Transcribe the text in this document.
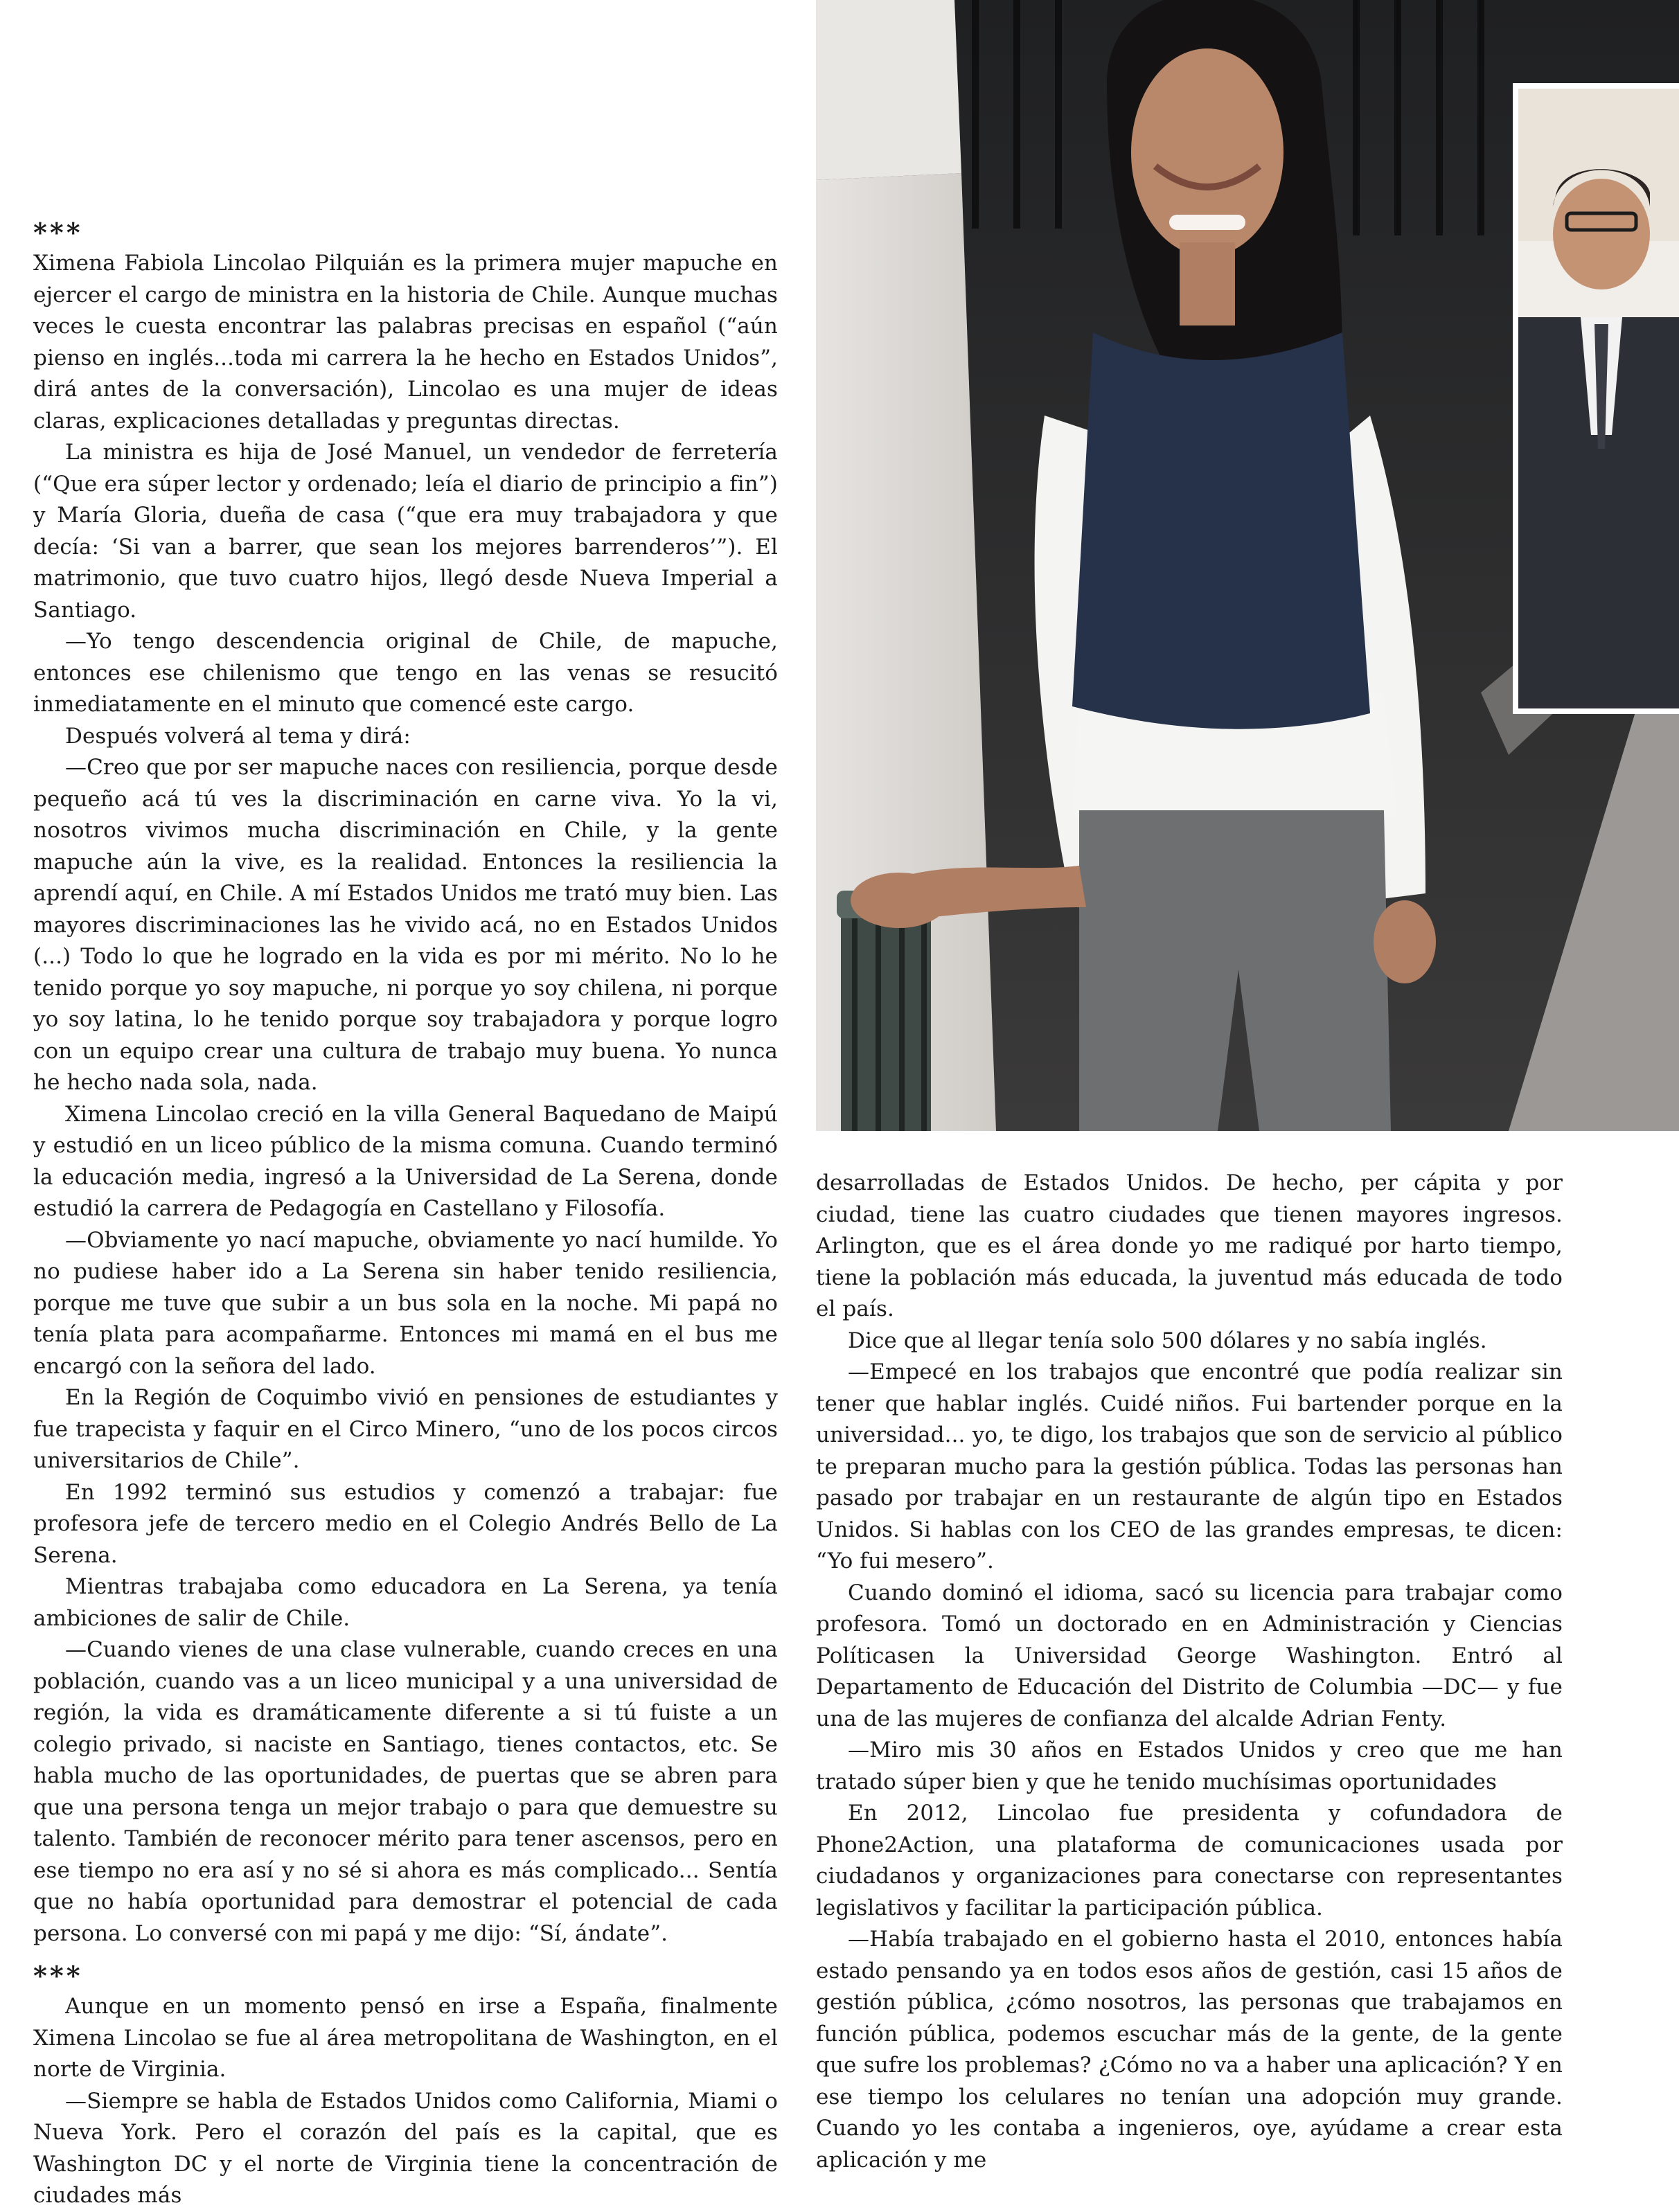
***

Ximena Fabiola Lincolao Pilquián es la primera mujer mapuche en ejercer el cargo de ministra en la historia de Chile. Aunque muchas veces le cuesta encontrar las palabras precisas en español (“aún pienso en inglés...toda mi carrera la he hecho en Estados Unidos”, dirá antes de la conversación), Lincolao es una mujer de ideas claras, explicaciones detalladas y preguntas directas.

La ministra es hija de José Manuel, un vendedor de ferretería (“Que era súper lector y ordenado; leía el diario de principio a fin”) y María Gloria, dueña de casa (“que era muy trabajadora y que decía: ‘Si van a barrer, que sean los mejores barrenderos’”). El matrimonio, que tuvo cuatro hijos, llegó desde Nueva Imperial a Santiago.

—Yo tengo descendencia original de Chile, de mapuche, entonces ese chilenismo que tengo en las venas se resucitó inmediatamente en el minuto que comencé este cargo.

Después volverá al tema y dirá:

—Creo que por ser mapuche naces con resiliencia, porque desde pequeño acá tú ves la discriminación en carne viva. Yo la vi, nosotros vivimos mucha discriminación en Chile, y la gente mapuche aún la vive, es la realidad. Entonces la resiliencia la aprendí aquí, en Chile. A mí Estados Unidos me trató muy bien. Las mayores discriminaciones las he vivido acá, no en Estados Unidos (...) Todo lo que he logrado en la vida es por mi mérito. No lo he tenido porque yo soy mapuche, ni porque yo soy chilena, ni porque yo soy latina, lo he tenido porque soy trabajadora y porque logro con un equipo crear una cultura de trabajo muy buena. Yo nunca he hecho nada sola, nada.

Ximena Lincolao creció en la villa General Baquedano de Maipú y estudió en un liceo público de la misma comuna. Cuando terminó la educación media, ingresó a la Universidad de La Serena, donde estudió la carrera de Pedagogía en Castellano y Filosofía.

—Obviamente yo nací mapuche, obviamente yo nací humilde. Yo no pudiese haber ido a La Serena sin haber tenido resiliencia, porque me tuve que subir a un bus sola en la noche. Mi papá no tenía plata para acompañarme. Entonces mi mamá en el bus me encargó con la señora del lado.

En la Región de Coquimbo vivió en pensiones de estudiantes y fue trapecista y faquir en el Circo Minero, “uno de los pocos circos universitarios de Chile”.

En 1992 terminó sus estudios y comenzó a trabajar: fue profesora jefe de tercero medio en el Colegio Andrés Bello de La Serena.

Mientras trabajaba como educadora en La Serena, ya tenía ambiciones de salir de Chile.

—Cuando vienes de una clase vulnerable, cuando creces en una población, cuando vas a un liceo municipal y a una universidad de región, la vida es dramáticamente diferente a si tú fuiste a un colegio privado, si naciste en Santiago, tienes contactos, etc. Se habla mucho de las oportunidades, de puertas que se abren para que una persona tenga un mejor trabajo o para que demuestre su talento. También de reconocer mérito para tener ascensos, pero en ese tiempo no era así y no sé si ahora es más complicado... Sentía que no había oportunidad para demostrar el potencial de cada persona. Lo conversé con mi papá y me dijo: “Sí, ándate”.

***

Aunque en un momento pensó en irse a España, finalmente Ximena Lincolao se fue al área metropolitana de Washington, en el norte de Virginia.

—Siempre se habla de Estados Unidos como California, Miami o Nueva York. Pero el corazón del país es la capital, que es Washington DC y el norte de Virginia tiene la concentración de ciudades más

desarrolladas de Estados Unidos. De hecho, per cápita y por ciudad, tiene las cuatro ciudades que tienen mayores ingresos. Arlington, que es el área donde yo me radiqué por harto tiempo, tiene la población más educada, la juventud más educada de todo el país.

Dice que al llegar tenía solo 500 dólares y no sabía inglés.

—Empecé en los trabajos que encontré que podía realizar sin tener que hablar inglés. Cuidé niños. Fui bartender porque en la universidad... yo, te digo, los trabajos que son de servicio al público te preparan mucho para la gestión pública. Todas las personas han pasado por trabajar en un restaurante de algún tipo en Estados Unidos. Si hablas con los CEO de las grandes empresas, te dicen: “Yo fui mesero”.

Cuando dominó el idioma, sacó su licencia para trabajar como profesora. Tomó un doctorado en en Administración y Ciencias Políticasen la Universidad George Washington. Entró al Departamento de Educación del Distrito de Columbia —DC— y fue una de las mujeres de confianza del alcalde Adrian Fenty.

—Miro mis 30 años en Estados Unidos y creo que me han tratado súper bien y que he tenido muchísimas oportunidades

En 2012, Lincolao fue presidenta y cofundadora de Phone2Action, una plataforma de comunicaciones usada por ciudadanos y organizaciones para conectarse con representantes legislativos y facilitar la participación pública.

—Había trabajado en el gobierno hasta el 2010, entonces había estado pensando ya en todos esos años de gestión, casi 15 años de gestión pública, ¿cómo nosotros, las personas que trabajamos en función pública, podemos escuchar más de la gente, de la gente que sufre los problemas? ¿Cómo no va a haber una aplicación? Y en ese tiempo los celulares no tenían una adopción muy grande. Cuando yo les contaba a ingenieros, oye, ayúdame a crear esta aplicación y me
